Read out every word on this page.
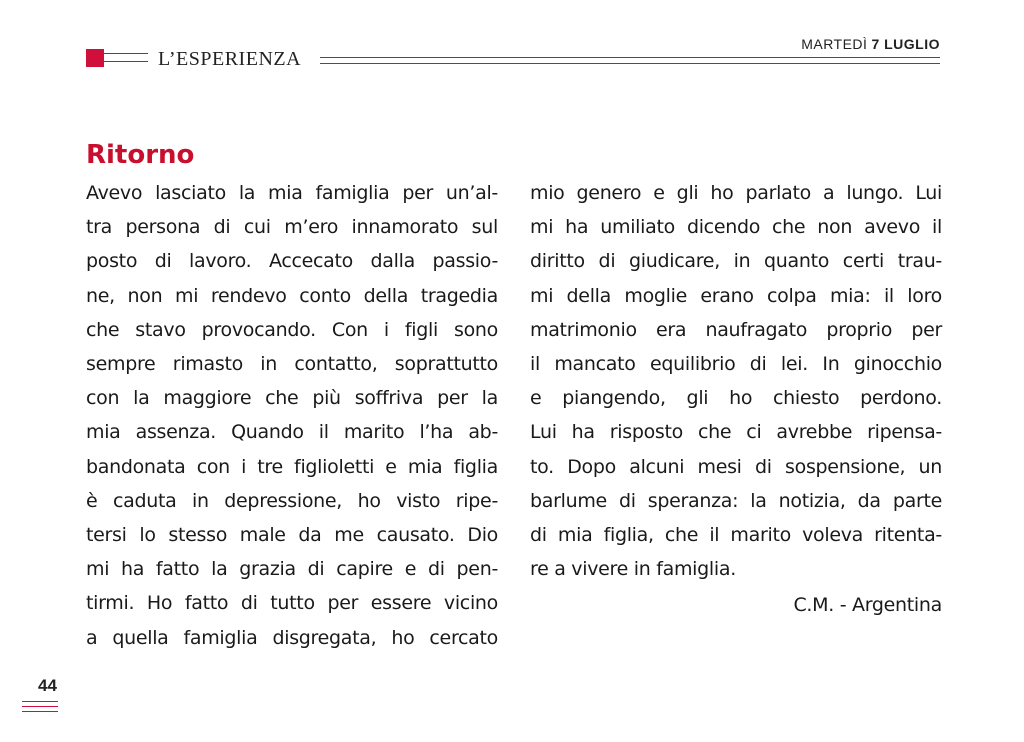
L’ESPERIENZA
MARTEDÌ 7 LUGLIO
Ritorno
Avevo lasciato la mia famiglia per un’al-
tra persona di cui m’ero innamorato sul
posto di lavoro. Accecato dalla passio-
ne, non mi rendevo conto della tragedia
che stavo provocando. Con i figli sono
sempre rimasto in contatto, soprattutto
con la maggiore che più soffriva per la
mia assenza. Quando il marito l’ha ab-
bandonata con i tre figlioletti e mia figlia
è caduta in depressione, ho visto ripe-
tersi lo stesso male da me causato. Dio
mi ha fatto la grazia di capire e di pen-
tirmi. Ho fatto di tutto per essere vicino
a quella famiglia disgregata, ho cercato
mio genero e gli ho parlato a lungo. Lui
mi ha umiliato dicendo che non avevo il
diritto di giudicare, in quanto certi trau-
mi della moglie erano colpa mia: il loro
matrimonio era naufragato proprio per
il mancato equilibrio di lei. In ginocchio
e piangendo, gli ho chiesto perdono.
Lui ha risposto che ci avrebbe ripensa-
to. Dopo alcuni mesi di sospensione, un
barlume di speranza: la notizia, da parte
di mia figlia, che il marito voleva ritenta-
re a vivere in famiglia.
C.M. - Argentina
44
